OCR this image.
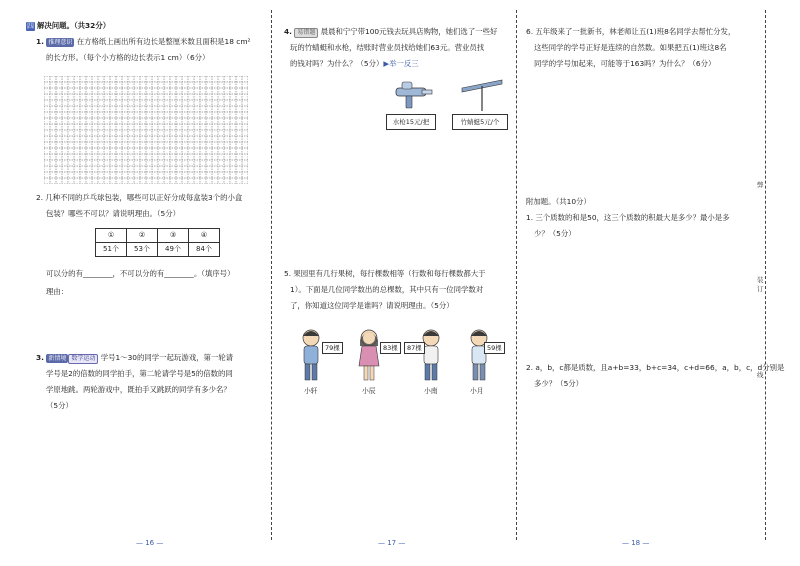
四 解决问题。（共32分）
1. 推理意识 在方格纸上画出所有边长是整厘米数且面积是18 cm²
的长方形。（每个小方格的边长表示1 cm）（6分）
2. 几种不同的乒乓球包装，哪些可以正好分成每盒装3个的小盒
包装？哪些不可以？请说明理由。（5分）
①	②	③	④
51个	53个	49个	84个
可以分的有________，不可以分的有________。（填序号）
理由：
3. 新情境 数学运动 学号1～30的同学一起玩游戏，第一轮请
学号是2的倍数的同学拍手，第二轮请学号是5的倍数的同
学原地跳。两轮游戏中，既拍手又跳跃的同学有多少名？
（5分）
— 16 —
4. 易错题 晨晨和宁宁带100元钱去玩具店购物，她们选了一些好
玩的竹蜻蜓和水枪，结账时营业员找给她们63元。营业员找
的钱对吗？为什么？（5分）▶举一反三
水枪15元/把	竹蜻蜓5元/个
5. 果园里有几行果树，每行棵数相等（行数和每行棵数都大于
1）。下面是几位同学数出的总棵数，其中只有一位同学数对
了，你知道这位同学是谁吗？请说明理由。（5分）
79棵
小轩
83棵
小辰
87棵
小南
59棵
小月
— 17 —
6. 五年级来了一批新书，林老师让五(1)班8名同学去帮忙分发，
这些同学的学号正好是连续的自然数。如果把五(1)班这8名
同学的学号加起来，可能等于163吗？为什么？（6分）
附加题。（共10分）
1. 三个质数的和是50，这三个质数的积最大是多少？最小是多
少？（5分）
2. a，b，c都是质数，且a+b=33，b+c=34，c+d=66，a，b，c，d分别是
多少？（5分）
— 18 —
弊
装
订
线
